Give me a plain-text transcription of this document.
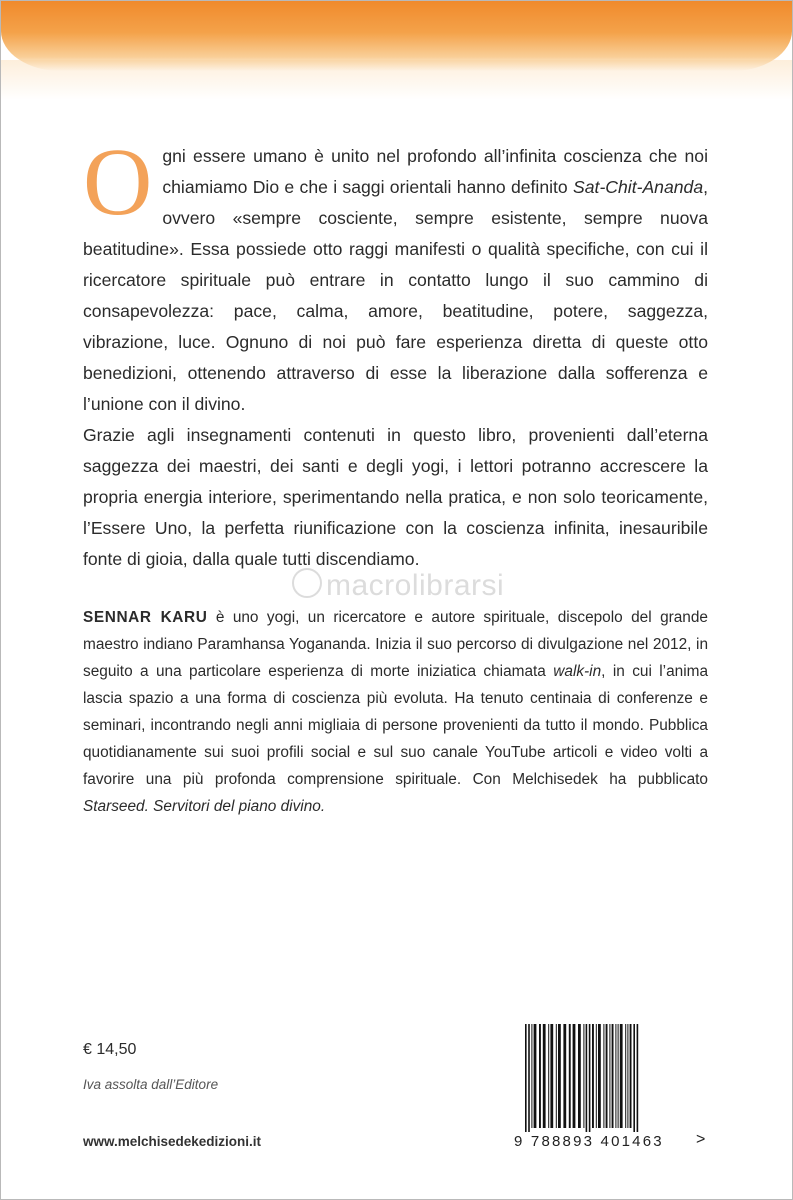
Ogni essere umano è unito nel profondo all’infinita coscienza che noi chiamiamo Dio e che i saggi orientali hanno definito Sat-Chit-Ananda, ovvero «sempre cosciente, sempre esistente, sempre nuova beatitudine». Essa possiede otto raggi manifesti o qualità specifiche, con cui il ricercatore spirituale può entrare in contatto lungo il suo cammino di consapevolezza: pace, calma, amore, beatitudine, potere, saggezza, vibrazione, luce. Ognuno di noi può fare esperienza diretta di queste otto benedizioni, ottenendo attraverso di esse la liberazione dalla sofferenza e l’unione con il divino.

Grazie agli insegnamenti contenuti in questo libro, provenienti dall’eterna saggezza dei maestri, dei santi e degli yogi, i lettori potranno accrescere la propria energia interiore, sperimentando nella pratica, e non solo teoricamente, l’Essere Uno, la perfetta riunificazione con la coscienza infinita, inesauribile fonte di gioia, dalla quale tutti discendiamo.

macrolibrarsi
SENNAR KARU è uno yogi, un ricercatore e autore spirituale, discepolo del grande maestro indiano Paramhansa Yogananda. Inizia il suo percorso di divulgazione nel 2012, in seguito a una particolare esperienza di morte iniziatica chiamata walk-in, in cui l’anima lascia spazio a una forma di coscienza più evoluta. Ha tenuto centinaia di conferenze e seminari, incontrando negli anni migliaia di persone provenienti da tutto il mondo. Pubblica quotidianamente sui suoi profili social e sul suo canale YouTube articoli e video volti a favorire una più profonda comprensione spirituale. Con Melchisedek ha pubblicato Starseed. Servitori del piano divino.
€ 14,50
Iva assolta dall’Editore
www.melchisedekedizioni.it	9 788893 401463 >
